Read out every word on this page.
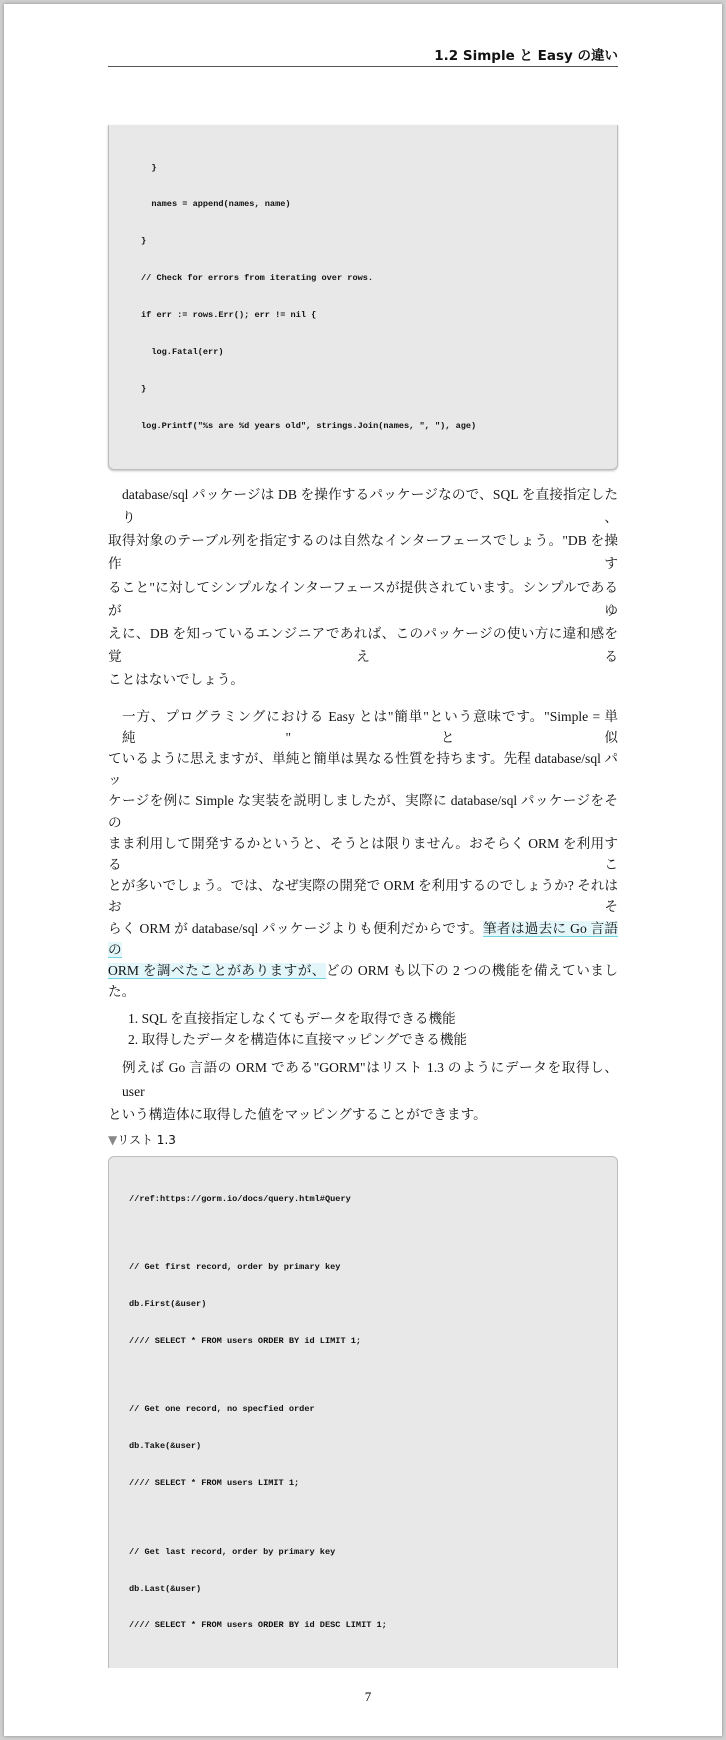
1.2 Simple と Easy の違い

}

names = append(names, name)

}

// Check for errors from iterating over rows.

if err := rows.Err(); err != nil {

log.Fatal(err)

}

log.Printf("%s are %d years old", strings.Join(names, ", "), age)

database/sql パッケージは DB を操作するパッケージなので、SQL を直接指定したり、
取得対象のテーブル列を指定するのは自然なインターフェースでしょう。"DB を操作す
ること"に対してシンプルなインターフェースが提供されています。シンプルであるがゆ
えに、DB を知っているエンジニアであれば、このパッケージの使い方に違和感を覚える
ことはないでしょう。
一方、プログラミングにおける Easy とは"簡単"という意味です。"Simple = 単純"と似
ているように思えますが、単純と簡単は異なる性質を持ちます。先程 database/sql パッ
ケージを例に Simple な実装を説明しましたが、実際に database/sql パッケージをその
まま利用して開発するかというと、そうとは限りません。おそらく ORM を利用するこ
とが多いでしょう。では、なぜ実際の開発で ORM を利用するのでしょうか? それはおそ
らく ORM が database/sql パッケージよりも便利だからです。筆者は過去に Go 言語の
ORM を調べたことがありますが、どの ORM も以下の 2 つの機能を備えていました。
1. SQL を直接指定しなくてもデータを取得できる機能
2. 取得したデータを構造体に直接マッピングできる機能
例えば Go 言語の ORM である"GORM"はリスト 1.3 のようにデータを取得し、user
という構造体に取得した値をマッピングすることができます。
▼リスト 1.3

//ref:https://gorm.io/docs/query.html#Query

// Get first record, order by primary key

db.First(&user)

//// SELECT * FROM users ORDER BY id LIMIT 1;

// Get one record, no specfied order

db.Take(&user)

//// SELECT * FROM users LIMIT 1;

// Get last record, order by primary key

db.Last(&user)

//// SELECT * FROM users ORDER BY id DESC LIMIT 1;

7
